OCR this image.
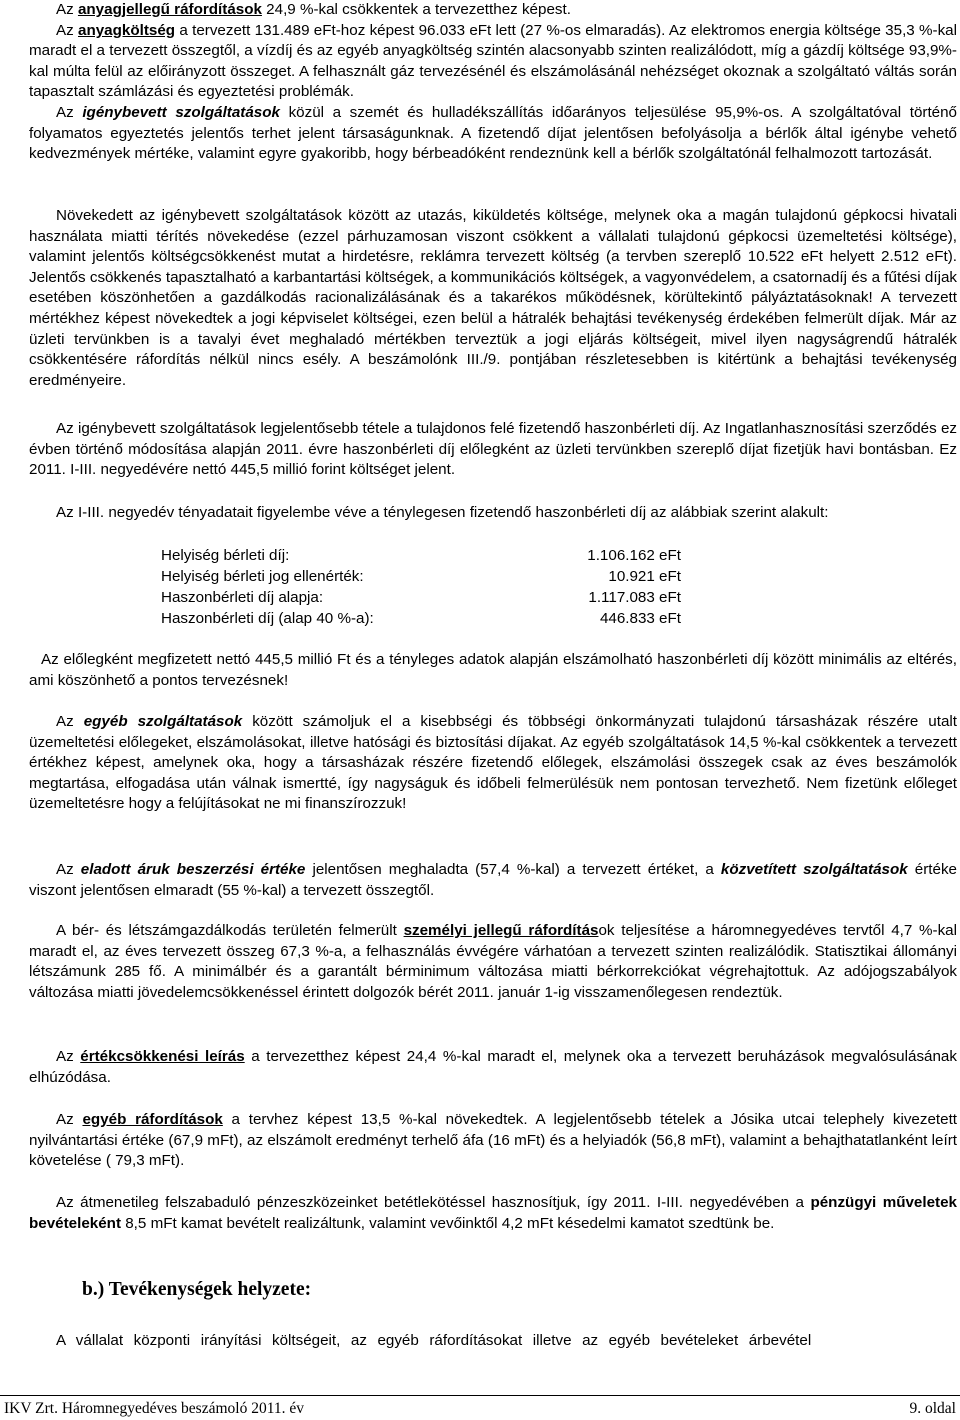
Az anyagjellegű ráfordítások 24,9 %-kal csökkentek a tervezetthez képest.
Az anyagköltség a tervezett 131.489 eFt-hoz képest 96.033 eFt lett (27 %-os elmaradás). Az elektromos energia költsége 35,3 %-kal maradt el a tervezett összegtől, a vízdíj és az egyéb anyagköltség szintén alacsonyabb szinten realizálódott, míg a gázdíj költsége 93,9%-kal múlta felül az előirányzott összeget. A felhasznált gáz tervezésénél és elszámolásánál nehézséget okoznak a szolgáltató váltás során tapasztalt számlázási és egyeztetési problémák.
Az igénybevett szolgáltatások közül a szemét és hulladékszállítás időarányos teljesülése 95,9%-os. A szolgáltatóval történő folyamatos egyeztetés jelentős terhet jelent társaságunknak. A fizetendő díjat jelentősen befolyásolja a bérlők által igénybe vehető kedvezmények mértéke, valamint egyre gyakoribb, hogy bérbeadóként rendeznünk kell a bérlők szolgáltatónál felhalmozott tartozását.
Növekedett az igénybevett szolgáltatások között az utazás, kiküldetés költsége, melynek oka a magán tulajdonú gépkocsi hivatali használata miatti térítés növekedése (ezzel párhuzamosan viszont csökkent a vállalati tulajdonú gépkocsi üzemeltetési költsége), valamint jelentős költségcsökkenést mutat a hirdetésre, reklámra tervezett költség (a tervben szereplő 10.522 eFt helyett 2.512 eFt). Jelentős csökkenés tapasztalható a karbantartási költségek, a kommunikációs költségek, a vagyonvédelem, a csatornadíj és a fűtési díjak esetében köszönhetően a gazdálkodás racionalizálásának és a takarékos működésnek, körültekintő pályáztatásoknak! A tervezett mértékhez képest növekedtek a jogi képviselet költségei, ezen belül a hátralék behajtási tevékenység érdekében felmerült díjak. Már az üzleti tervünkben is a tavalyi évet meghaladó mértékben terveztük a jogi eljárás költségeit, mivel ilyen nagyságrendű hátralék csökkentésére ráfordítás nélkül nincs esély. A beszámolónk III./9. pontjában részletesebben is kitértünk a behajtási tevékenység eredményeire.
Az igénybevett szolgáltatások legjelentősebb tétele a tulajdonos felé fizetendő haszonbérleti díj. Az Ingatlanhasznosítási szerződés ez évben történő módosítása alapján 2011. évre haszonbérleti díj előlegként az üzleti tervünkben szereplő díjat fizetjük havi bontásban. Ez 2011. I-III. negyedévére nettó 445,5 millió forint költséget jelent.
Az I-III. negyedév tényadatait figyelembe véve a ténylegesen fizetendő haszonbérleti díj az alábbiak szerint alakult:
Helyiség bérleti díj:	1.106.162 eFt
Helyiség bérleti jog ellenérték:	10.921 eFt
Haszonbérleti díj alapja:	1.117.083 eFt
Haszonbérleti díj (alap 40 %-a):	446.833 eFt
Az előlegként megfizetett nettó 445,5 millió Ft és a tényleges adatok alapján elszámolható haszonbérleti díj között minimális az eltérés, ami köszönhető a pontos tervezésnek!
Az egyéb szolgáltatások között számoljuk el a kisebbségi és többségi önkormányzati tulajdonú társasházak részére utalt üzemeltetési előlegeket, elszámolásokat, illetve hatósági és biztosítási díjakat. Az egyéb szolgáltatások 14,5 %-kal csökkentek a tervezett értékhez képest, amelynek oka, hogy a társasházak részére fizetendő előlegek, elszámolási összegek csak az éves beszámolók megtartása, elfogadása után válnak ismertté, így nagyságuk és időbeli felmerülésük nem pontosan tervezhető. Nem fizetünk előleget üzemeltetésre hogy a felújításokat ne mi finanszírozzuk!
Az eladott áruk beszerzési értéke jelentősen meghaladta (57,4 %-kal) a tervezett értéket, a közvetített szolgáltatások értéke viszont jelentősen elmaradt (55 %-kal) a tervezett összegtől.
A bér- és létszámgazdálkodás területén felmerült személyi jellegű ráfordítások teljesítése a háromnegyedéves tervtől 4,7 %-kal maradt el, az éves tervezett összeg 67,3 %-a, a felhasználás évvégére várhatóan a tervezett szinten realizálódik. Statisztikai állományi létszámunk 285 fő. A minimálbér és a garantált bérminimum változása miatti bérkorrekciókat végrehajtottuk. Az adójogszabályok változása miatti jövedelemcsökkenéssel érintett dolgozók bérét 2011. január 1-ig visszamenőlegesen rendeztük.
Az értékcsökkenési leírás a tervezetthez képest 24,4 %-kal maradt el, melynek oka a tervezett beruházások megvalósulásának elhúzódása.
Az egyéb ráfordítások a tervhez képest 13,5 %-kal növekedtek. A legjelentősebb tételek a Jósika utcai telephely kivezetett nyilvántartási értéke (67,9 mFt), az elszámolt eredményt terhelő áfa (16 mFt) és a helyiadók (56,8 mFt), valamint a behajthatatlanként leírt követelése ( 79,3 mFt).
Az átmenetileg felszabaduló pénzeszközeinket betétlekötéssel hasznosítjuk, így 2011. I-III. negyedévében a pénzügyi műveletek bevételeként 8,5 mFt kamat bevételt realizáltunk, valamint vevőinktől 4,2 mFt késedelmi kamatot szedtünk be.
b.) Tevékenységek helyzete:
A vállalat központi irányítási költségeit, az egyéb ráfordításokat illetve az egyéb bevételeket árbevétel
IKV Zrt. Háromnegyedéves beszámoló 2011. év	9. oldal
